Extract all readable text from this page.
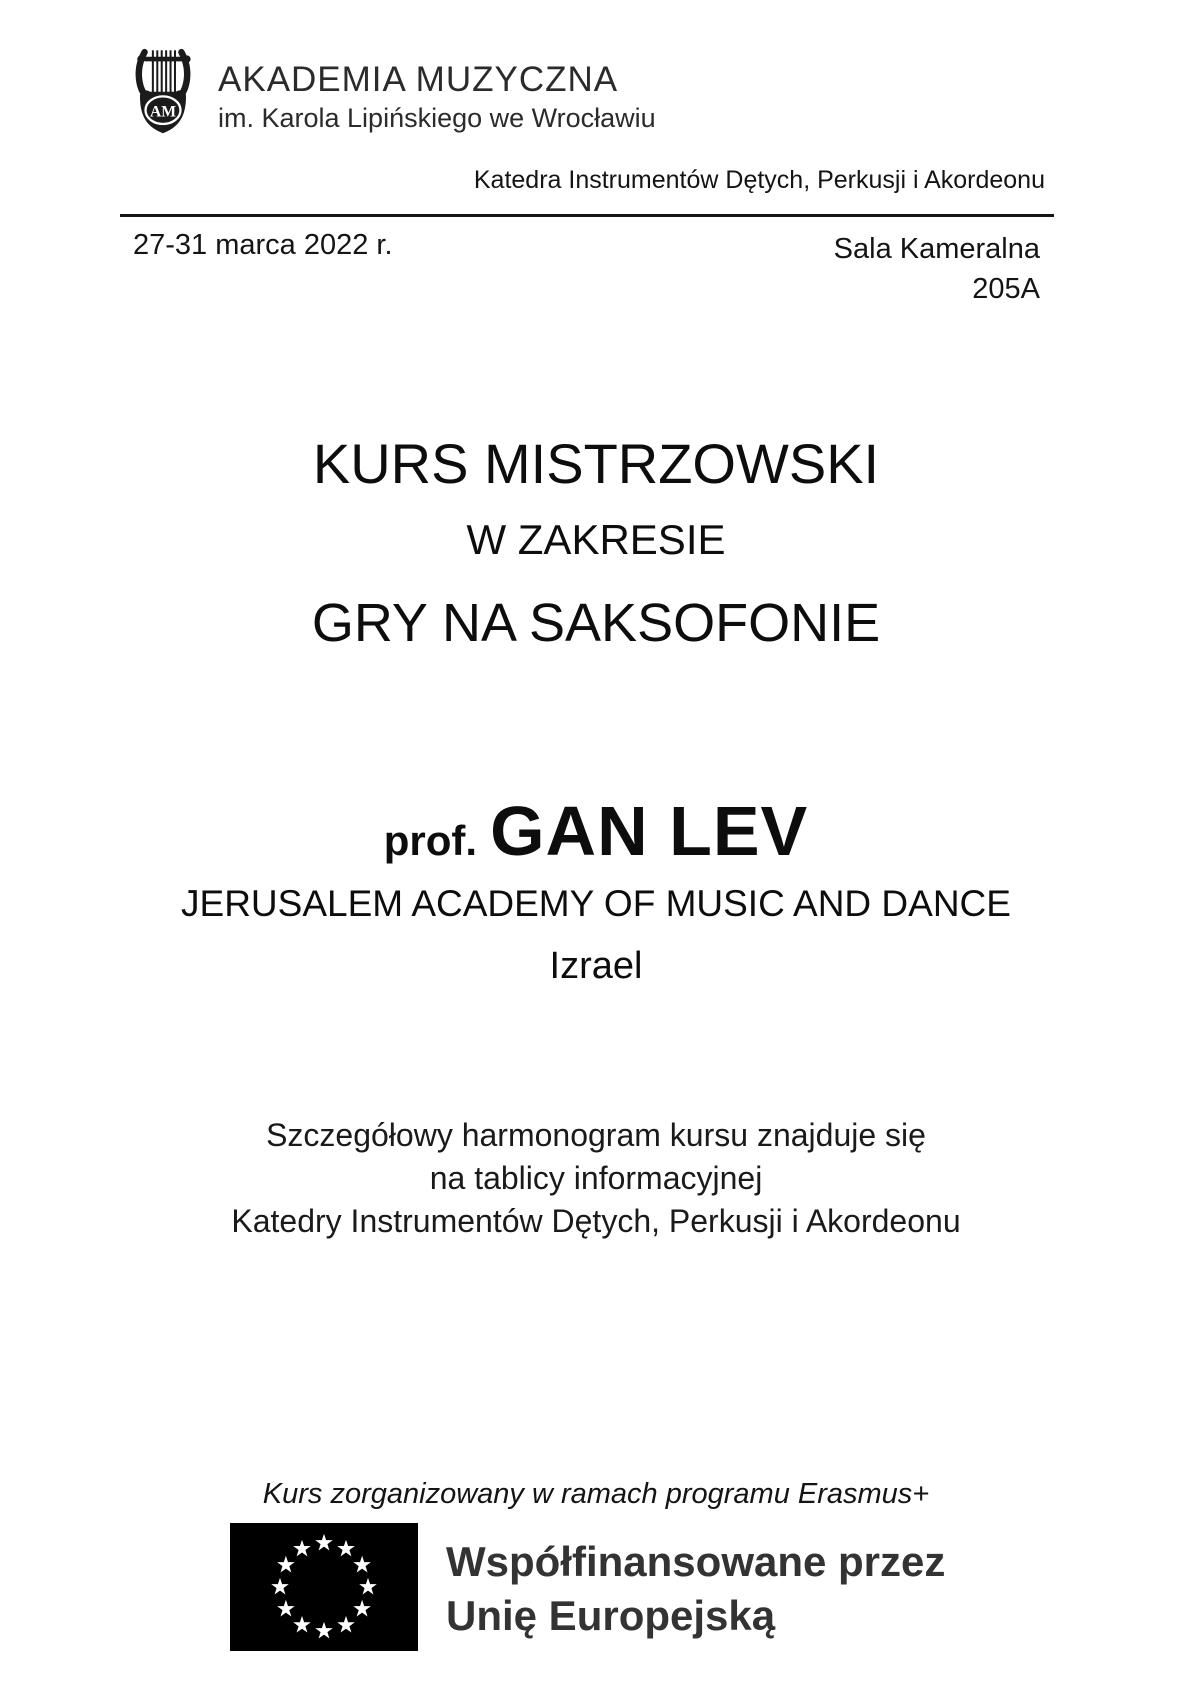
AM
AKADEMIA MUZYCZNA
im. Karola Lipińskiego we Wrocławiu
Katedra Instrumentów Dętych, Perkusji i Akordeonu
27-31 marca 2022 r.	Sala Kameralna
205A
KURS MISTRZOWSKI
W ZAKRESIE
GRY NA SAKSOFONIE
prof. GAN LEV
JERUSALEM ACADEMY OF MUSIC AND DANCE
Izrael
Szczegółowy harmonogram kursu znajduje się
na tablicy informacyjnej
Katedry Instrumentów Dętych, Perkusji i Akordeonu
Kurs zorganizowany w ramach programu Erasmus+
Współfinansowane przez
Unię Europejską
